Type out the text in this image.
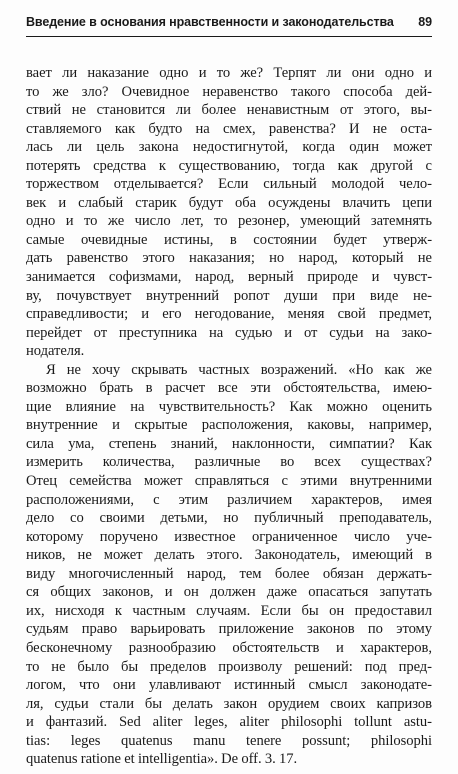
Введение в основания нравственности и законодательства 89
вает ли наказание одно и то же? Терпят ли они одно и
то же зло? Очевидное неравенство такого способа дей-
ствий не становится ли более ненавистным от этого, вы-
ставляемого как будто на смех, равенства? И не оста-
лась ли цель закона недостигнутой, когда один может
потерять средства к существованию, тогда как другой с
торжеством отделывается? Если сильный молодой чело-
век и слабый старик будут оба осуждены влачить цепи
одно и то же число лет, то резонер, умеющий затемнять
самые очевидные истины, в состоянии будет утверж-
дать равенство этого наказания; но народ, который не
занимается софизмами, народ, верный природе и чувст-
ву, почувствует внутренний ропот души при виде не-
справедливости; и его негодование, меняя свой предмет,
перейдет от преступника на судью и от судьи на зако-
нодателя.
Я не хочу скрывать частных возражений. «Но как же
возможно брать в расчет все эти обстоятельства, имею-
щие влияние на чувствительность? Как можно оценить
внутренние и скрытые расположения, каковы, например,
сила ума, степень знаний, наклонности, симпатии? Как
измерить количества, различные во всех существах?
Отец семейства может справляться с этими внутренними
расположениями, с этим различием характеров, имея
дело со своими детьми, но публичный преподаватель,
которому поручено известное ограниченное число уче-
ников, не может делать этого. Законодатель, имеющий в
виду многочисленный народ, тем более обязан держать-
ся общих законов, и он должен даже опасаться запутать
их, нисходя к частным случаям. Если бы он предоставил
судьям право варьировать приложение законов по этому
бесконечному разнообразию обстоятельств и характеров,
то не было бы пределов произволу решений: под пред-
логом, что они улавливают истинный смысл законодате-
ля, судьи стали бы делать закон орудием своих капризов
и фантазий. Sed aliter leges, aliter philosophi tollunt astu-
tias: leges quatenus manu tenere possunt; philosophi
quatenus ratione et intelligentia». De off. 3. 17.
